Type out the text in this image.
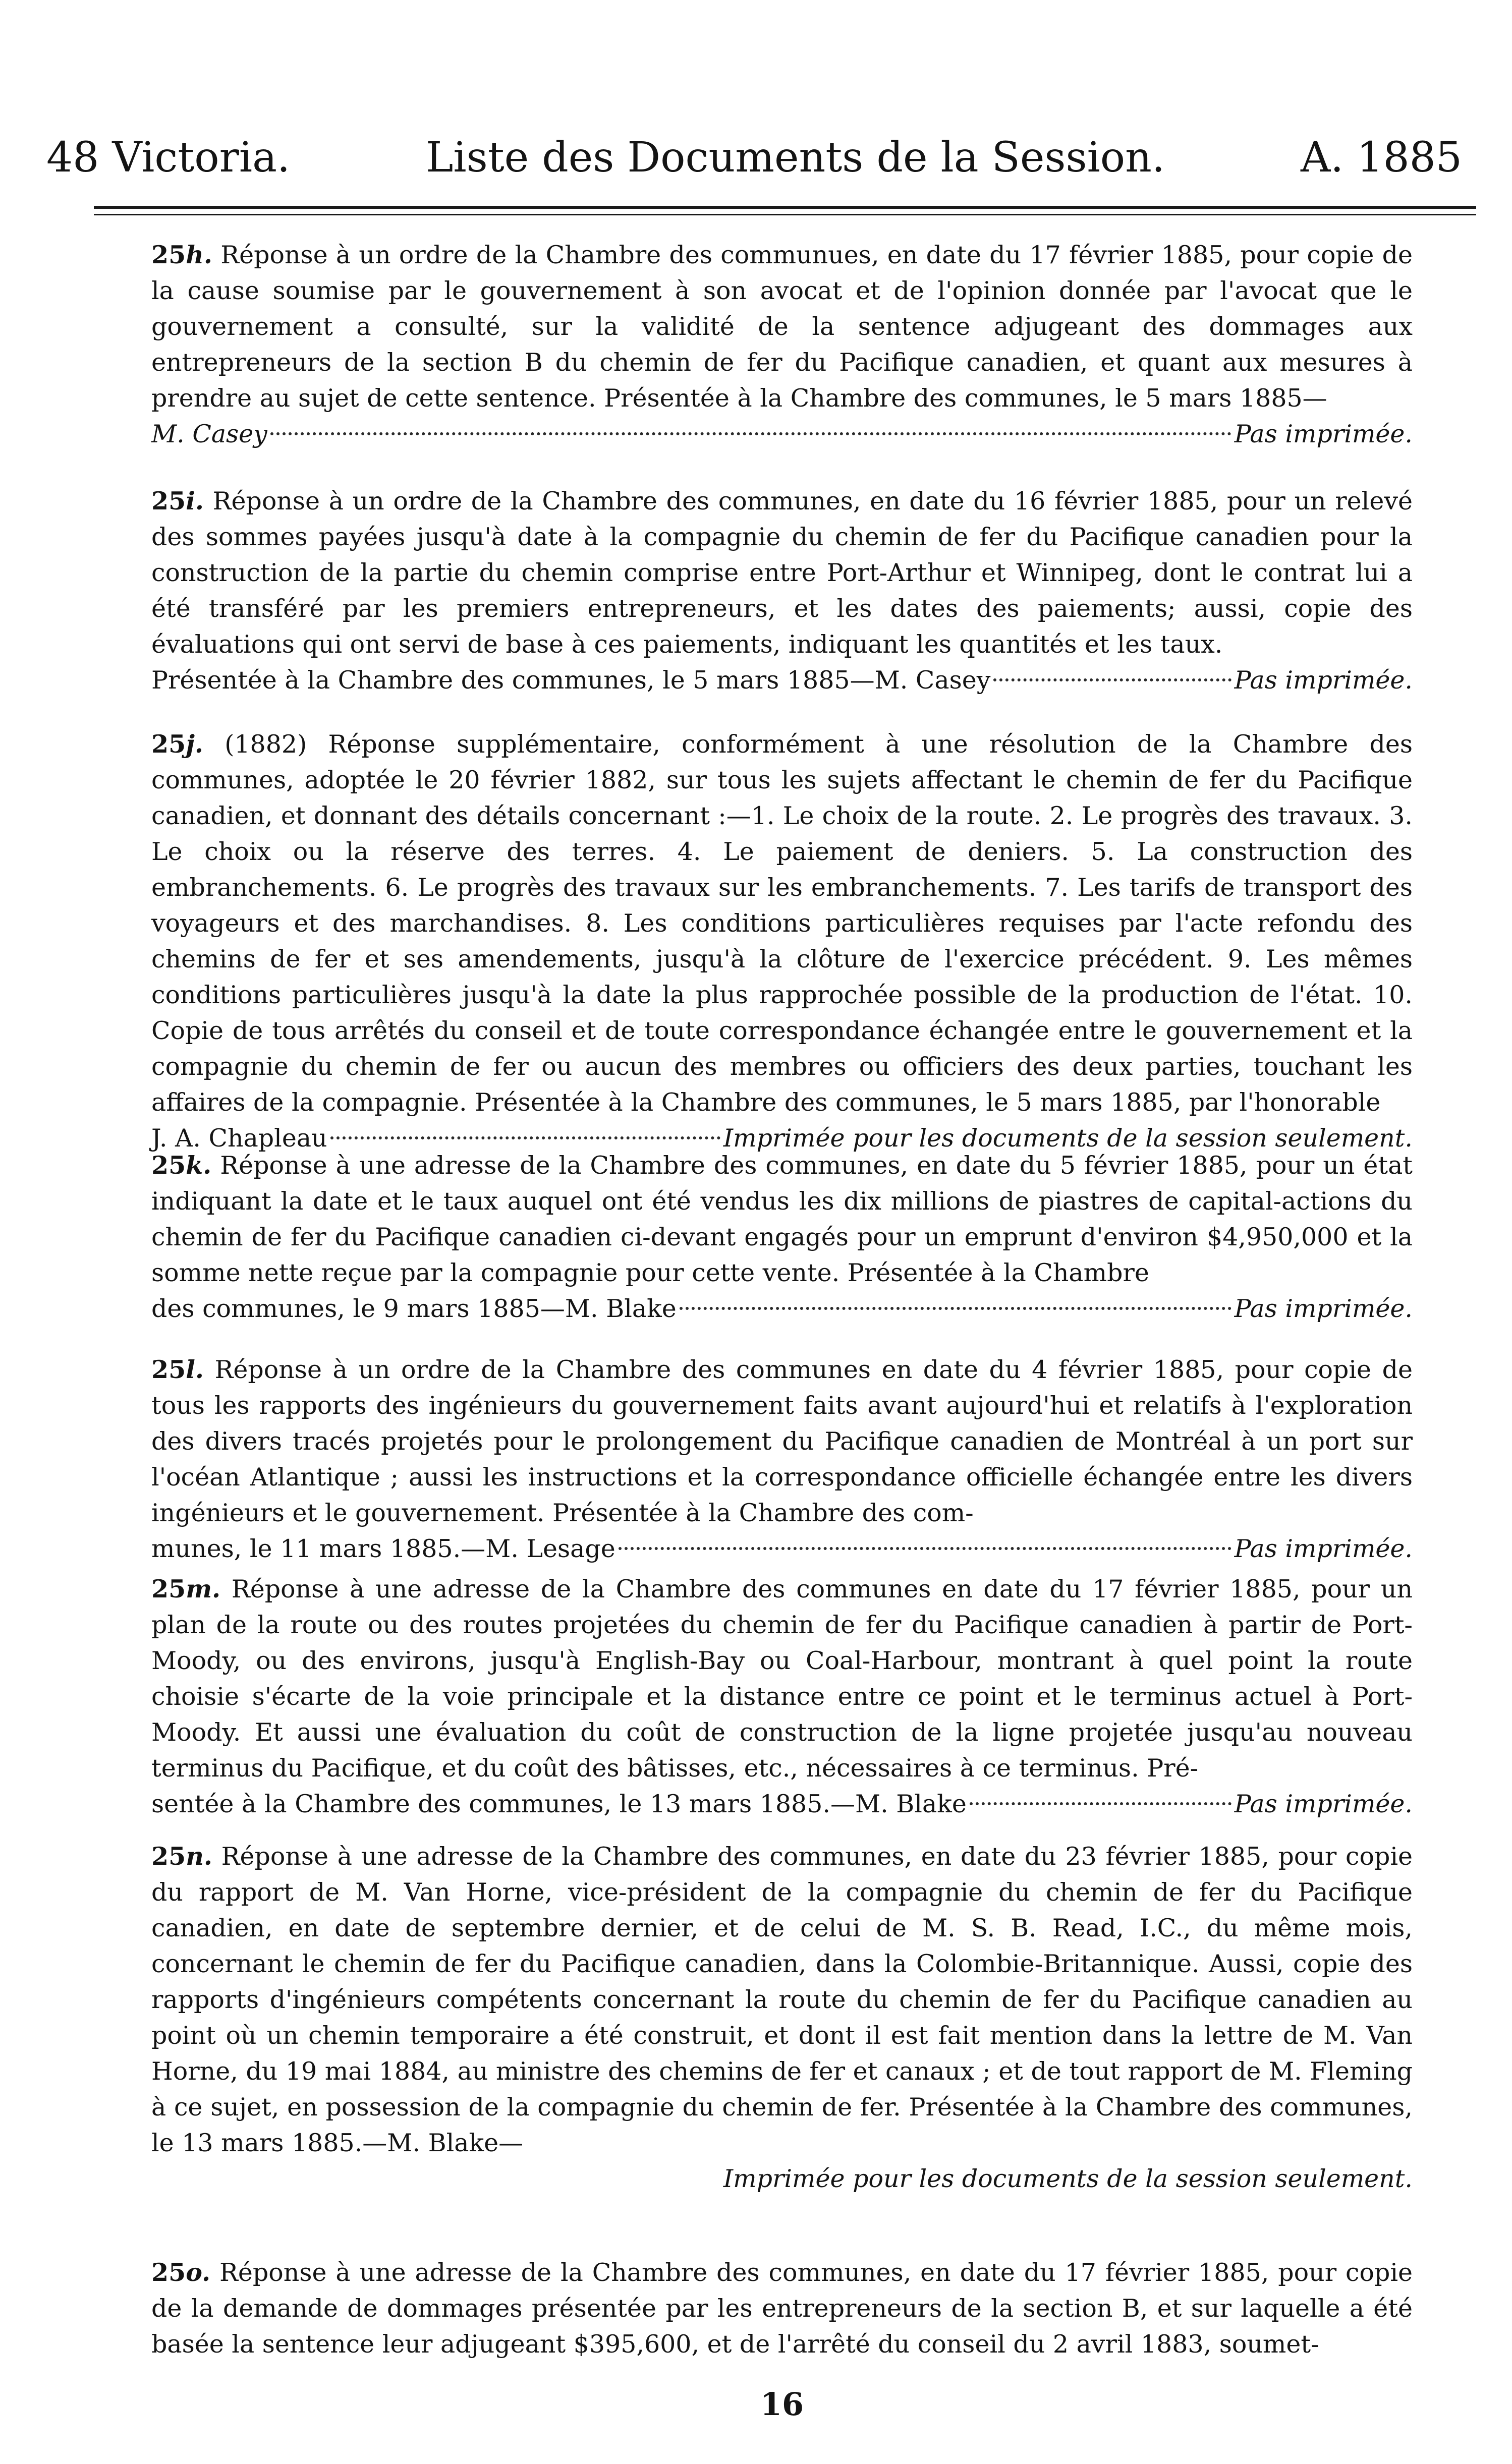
48 Victoria.	Liste des Documents de la Session.	A. 1885
25h. Réponse à un ordre de la Chambre des communues, en date du 17 février 1885, pour copie de la cause soumise par le gouvernement à son avocat et de l'opinion donnée par l'avocat que le gouvernement a consulté, sur la validité de la sentence adjugeant des dommages aux entrepreneurs de la section B du chemin de fer du Pacifique canadien, et quant aux mesures à prendre au sujet de cette sentence. Présentée à la Chambre des communes, le 5 mars 1885—
M. Casey	Pas imprimée.
25i. Réponse à un ordre de la Chambre des communes, en date du 16 février 1885, pour un relevé des sommes payées jusqu'à date à la compagnie du chemin de fer du Pacifique canadien pour la construction de la partie du chemin comprise entre Port-Arthur et Winnipeg, dont le contrat lui a été transféré par les premiers entrepreneurs, et les dates des paiements; aussi, copie des évaluations qui ont servi de base à ces paiements, indiquant les quantités et les taux.
Présentée à la Chambre des communes, le 5 mars 1885—M. Casey	Pas imprimée.
25j. (1882) Réponse supplémentaire, conformément à une résolution de la Chambre des communes, adoptée le 20 février 1882, sur tous les sujets affectant le chemin de fer du Pacifique canadien, et donnant des détails concernant :—1. Le choix de la route. 2. Le progrès des travaux. 3. Le choix ou la réserve des terres. 4. Le paiement de deniers. 5. La construction des embranchements. 6. Le progrès des travaux sur les embranchements. 7. Les tarifs de transport des voyageurs et des marchandises. 8. Les conditions particulières requises par l'acte refondu des chemins de fer et ses amendements, jusqu'à la clôture de l'exercice précédent. 9. Les mêmes conditions particulières jusqu'à la date la plus rapprochée possible de la production de l'état. 10. Copie de tous arrêtés du conseil et de toute correspondance échangée entre le gouvernement et la compagnie du chemin de fer ou aucun des membres ou officiers des deux parties, touchant les affaires de la compagnie. Présentée à la Chambre des communes, le 5 mars 1885, par l'honorable
J. A. Chapleau	Imprimée pour les documents de la session seulement.
25k. Réponse à une adresse de la Chambre des communes, en date du 5 février 1885, pour un état indiquant la date et le taux auquel ont été vendus les dix millions de piastres de capital-actions du chemin de fer du Pacifique canadien ci-devant engagés pour un emprunt d'environ $4,950,000 et la somme nette reçue par la compagnie pour cette vente. Présentée à la Chambre
des communes, le 9 mars 1885—M. Blake	Pas imprimée.
25l. Réponse à un ordre de la Chambre des communes en date du 4 février 1885, pour copie de tous les rapports des ingénieurs du gouvernement faits avant aujourd'hui et relatifs à l'exploration des divers tracés projetés pour le prolongement du Pacifique canadien de Montréal à un port sur l'océan Atlantique ; aussi les instructions et la correspondance officielle échangée entre les divers ingénieurs et le gouvernement. Présentée à la Chambre des com-
munes, le 11 mars 1885.—M. Lesage	Pas imprimée.
25m. Réponse à une adresse de la Chambre des communes en date du 17 février 1885, pour un plan de la route ou des routes projetées du chemin de fer du Pacifique canadien à partir de Port-Moody, ou des environs, jusqu'à English-Bay ou Coal-Harbour, montrant à quel point la route choisie s'écarte de la voie principale et la distance entre ce point et le terminus actuel à Port-Moody. Et aussi une évaluation du coût de construction de la ligne projetée jusqu'au nouveau terminus du Pacifique, et du coût des bâtisses, etc., nécessaires à ce terminus. Pré-
sentée à la Chambre des communes, le 13 mars 1885.—M. Blake	Pas imprimée.
25n. Réponse à une adresse de la Chambre des communes, en date du 23 février 1885, pour copie du rapport de M. Van Horne, vice-président de la compagnie du chemin de fer du Pacifique canadien, en date de septembre dernier, et de celui de M. S. B. Read, I.C., du même mois, concernant le chemin de fer du Pacifique canadien, dans la Colombie-Britannique. Aussi, copie des rapports d'ingénieurs compétents concernant la route du chemin de fer du Pacifique canadien au point où un chemin temporaire a été construit, et dont il est fait mention dans la lettre de M. Van Horne, du 19 mai 1884, au ministre des chemins de fer et canaux ; et de tout rapport de M. Fleming à ce sujet, en possession de la compagnie du chemin de fer. Présentée à la Chambre des communes, le 13 mars 1885.—M. Blake—
Imprimée pour les documents de la session seulement.
25o. Réponse à une adresse de la Chambre des communes, en date du 17 février 1885, pour copie de la demande de dommages présentée par les entrepreneurs de la section B, et sur laquelle a été basée la sentence leur adjugeant $395,600, et de l'arrêté du conseil du 2 avril 1883, soumet-
16
